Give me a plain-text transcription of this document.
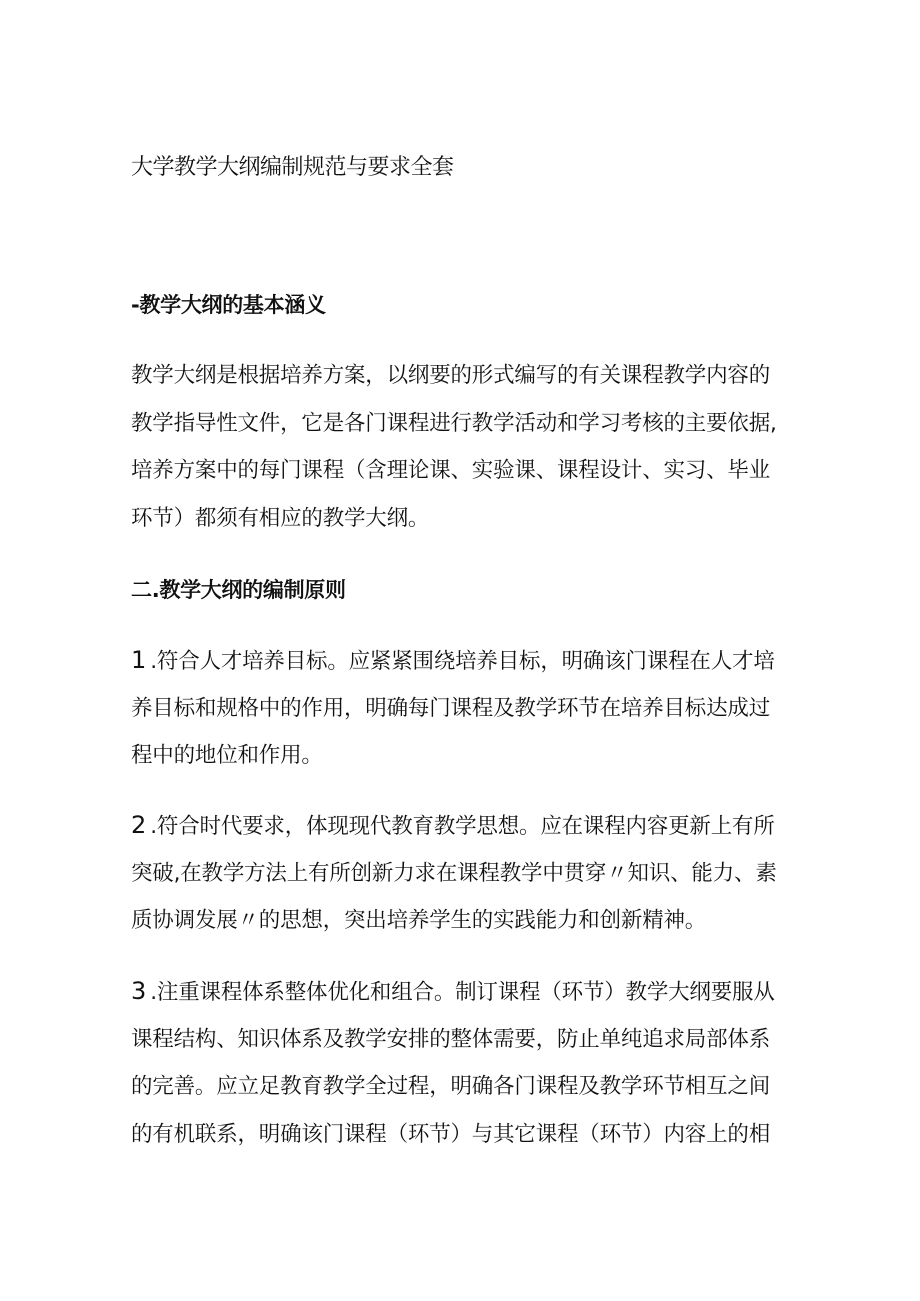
大学教学大纲编制规范与要求全套
-教学大纲的基本涵义
教学大纲是根据培养方案，以纲要的形式编写的有关课程教学内容的
教学指导性文件，它是各门课程进行教学活动和学习考核的主要依据,
培养方案中的每门课程（含理论课、实验课、课程设计、实习、毕业
环节）都须有相应的教学大纲。
二.教学大纲的编制原则
1.符合人才培养目标。应紧紧围绕培养目标，明确该门课程在人才培
养目标和规格中的作用，明确每门课程及教学环节在培养目标达成过
程中的地位和作用。
2.符合时代要求，体现现代教育教学思想。应在课程内容更新上有所
突破,在教学方法上有所创新力求在课程教学中贯穿〃知识、能力、素
质协调发展〃的思想，突出培养学生的实践能力和创新精神。
3.注重课程体系整体优化和组合。制订课程（环节）教学大纲要服从
课程结构、知识体系及教学安排的整体需要，防止单纯追求局部体系
的完善。应立足教育教学全过程，明确各门课程及教学环节相互之间
的有机联系，明确该门课程（环节）与其它课程（环节）内容上的相
